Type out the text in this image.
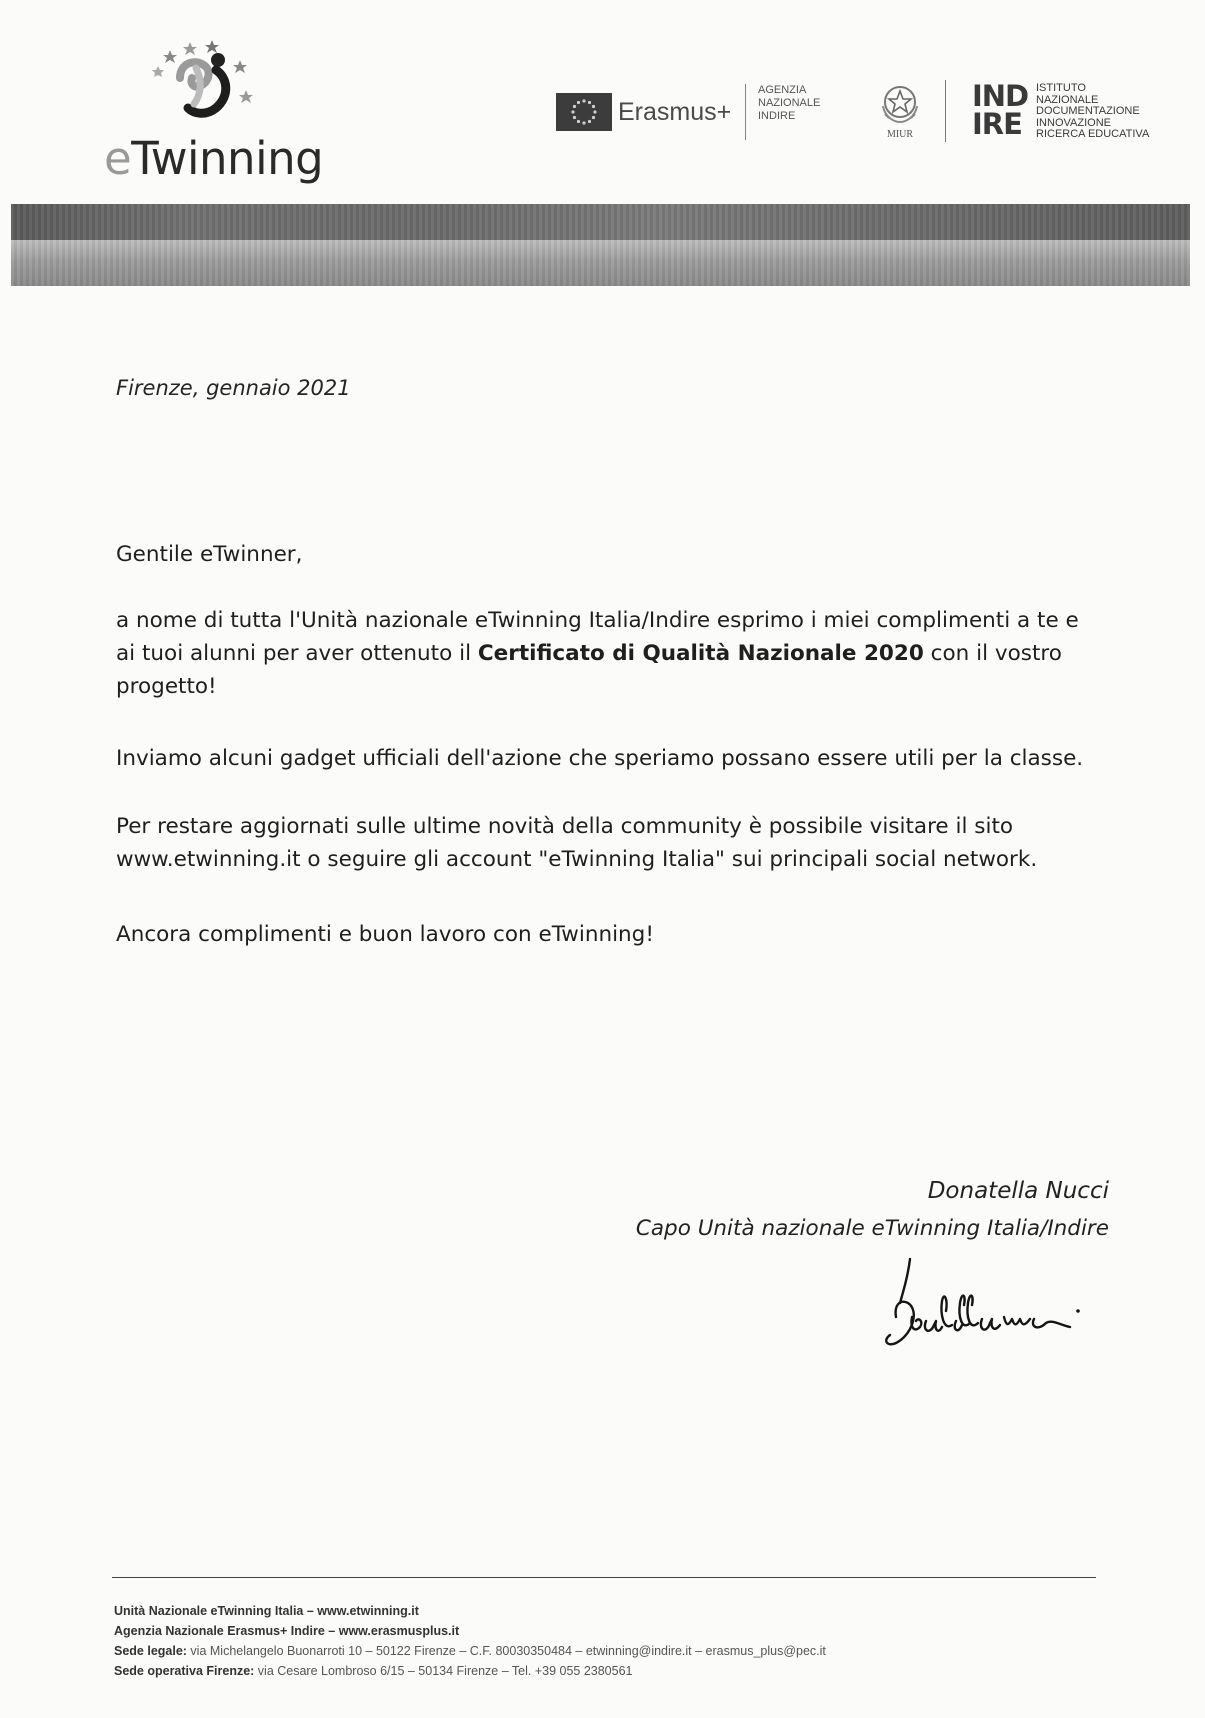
eTwinning
Erasmus+
AGENZIA
NAZIONALE
INDIRE
MIUR
IND
IRE
ISTITUTO
NAZIONALE
DOCUMENTAZIONE
INNOVAZIONE
RICERCA EDUCATIVA
Firenze, gennaio 2021

Gentile eTwinner,

a nome di tutta l'Unità nazionale eTwinning Italia/Indire esprimo i miei complimenti a te e
ai tuoi alunni per aver ottenuto il Certificato di Qualità Nazionale 2020 con il vostro
progetto!

Inviamo alcuni gadget ufficiali dell'azione che speriamo possano essere utili per la classe.

Per restare aggiornati sulle ultime novità della community è possibile visitare il sito
www.etwinning.it o seguire gli account "eTwinning Italia" sui principali social network.

Ancora complimenti e buon lavoro con eTwinning!

Donatella Nucci
Capo Unità nazionale eTwinning Italia/Indire
Unità Nazionale eTwinning Italia – www.etwinning.it
Agenzia Nazionale Erasmus+ Indire – www.erasmusplus.it
Sede legale: via Michelangelo Buonarroti 10 – 50122 Firenze – C.F. 80030350484 – etwinning@indire.it – erasmus_plus@pec.it
Sede operativa Firenze: via Cesare Lombroso 6/15 – 50134 Firenze – Tel. +39 055 2380561
